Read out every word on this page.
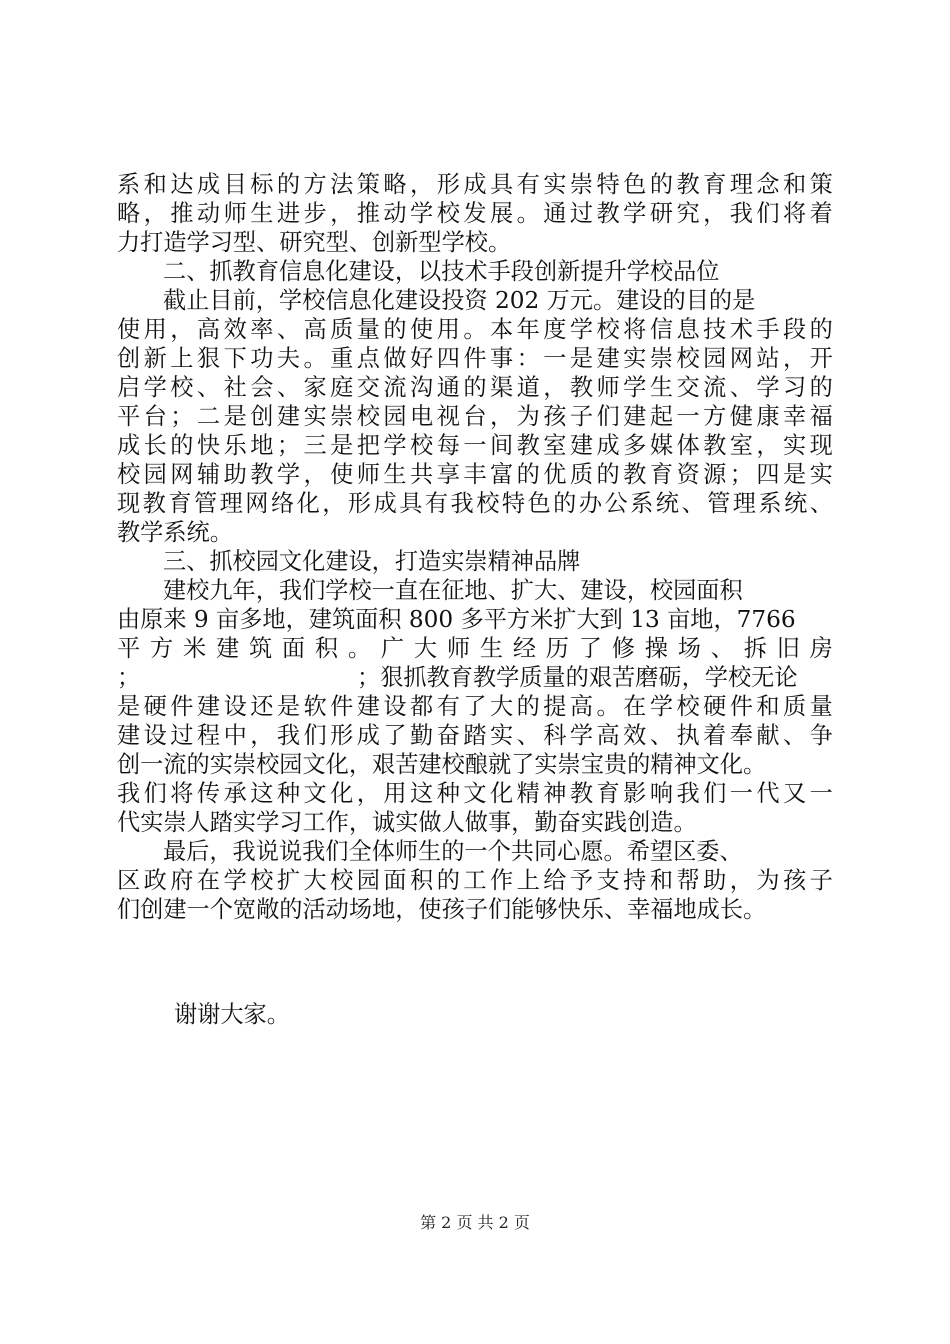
系 和 达 成 目 标 的 方 法 策 略 ， 形 成 具 有 实 崇 特 色 的 教 育 理 念 和 策
略 ， 推 动 师 生 进 步 ， 推 动 学 校 发 展 。 通 过 教 学 研 究 ， 我 们 将 着
力打造学习型、研究型、创新型学校。
二、抓教育信息化建设，以技术手段创新提升学校品位
截止目前，学校信息化建设投资 202 万元。建设的目的是
使 用 ， 高 效 率 、 高 质 量 的 使 用 。 本 年 度 学 校 将 信 息 技 术 手 段 的
创 新 上 狠 下 功 夫 。 重 点 做 好 四 件 事 ： 一 是 建 实 崇 校 园 网 站 ， 开
启 学 校 、 社 会 、 家 庭 交 流 沟 通 的 渠 道 ， 教 师 学 生 交 流 、 学 习 的
平 台 ； 二 是 创 建 实 崇 校 园 电 视 台 ， 为 孩 子 们 建 起 一 方 健 康 幸 福
成 长 的 快 乐 地 ； 三 是 把 学 校 每 一 间 教 室 建 成 多 媒 体 教 室 ， 实 现
校 园 网 辅 助 教 学 ， 使 师 生 共 享 丰 富 的 优 质 的 教 育 资 源 ； 四 是 实
现 教 育 管 理 网 络 化 ， 形 成 具 有 我 校 特 色 的 办 公 系 统 、 管 理 系 统 、
教学系统。
三、抓校园文化建设，打造实崇精神品牌
建校九年，我们学校一直在征地、扩大、建设，校园面积
由原来 9 亩多地，建筑面积 800 多平方米扩大到 13 亩地，7766
平 方 米 建 筑 面 积 。 广 大 师 生 经 历 了 修 操 场 、 拆 旧 房
；	；狠抓教育教学质量的艰苦磨砺，学校无论
是 硬 件 建 设 还 是 软 件 建 设 都 有 了 大 的 提 高 。 在 学 校 硬 件 和 质 量
建 设 过 程 中 ， 我 们 形 成 了 勤 奋 踏 实 、 科 学 高 效 、 执 着 奉 献 、 争
创一流的实崇校园文化，艰苦建校酿就了实崇宝贵的精神文化。
我 们 将 传 承 这 种 文 化 ， 用 这 种 文 化 精 神 教 育 影 响 我 们 一 代 又 一
代实崇人踏实学习工作，诚实做人做事，勤奋实践创造。
最后，我说说我们全体师生的一个共同心愿。希望区委、
区 政 府 在 学 校 扩 大 校 园 面 积 的 工 作 上 给 予 支 持 和 帮 助 ， 为 孩 子
们创建一个宽敞的活动场地，使孩子们能够快乐、幸福地成长。
谢谢大家。
第 2 页 共 2 页
